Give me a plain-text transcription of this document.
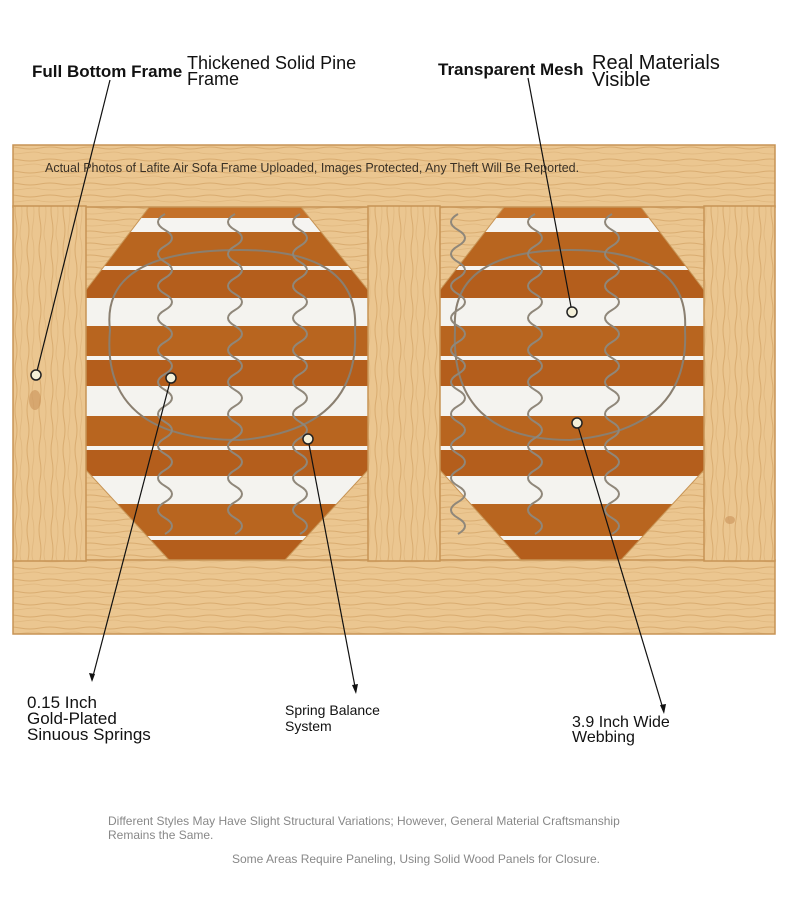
Actual Photos of Lafite Air Sofa Frame Uploaded, Images Protected, Any Theft Will Be Reported.
Full Bottom Frame Thickened Solid Pine
Frame	Transparent Mesh Real Materials
Visible
0.15 Inch
Gold-Plated
Sinuous Springs
Spring Balance
System	3.9 Inch Wide
Webbing
Different Styles May Have Slight Structural Variations; However, General Material Craftsmanship
Remains the Same.
Some Areas Require Paneling, Using Solid Wood Panels for Closure.
